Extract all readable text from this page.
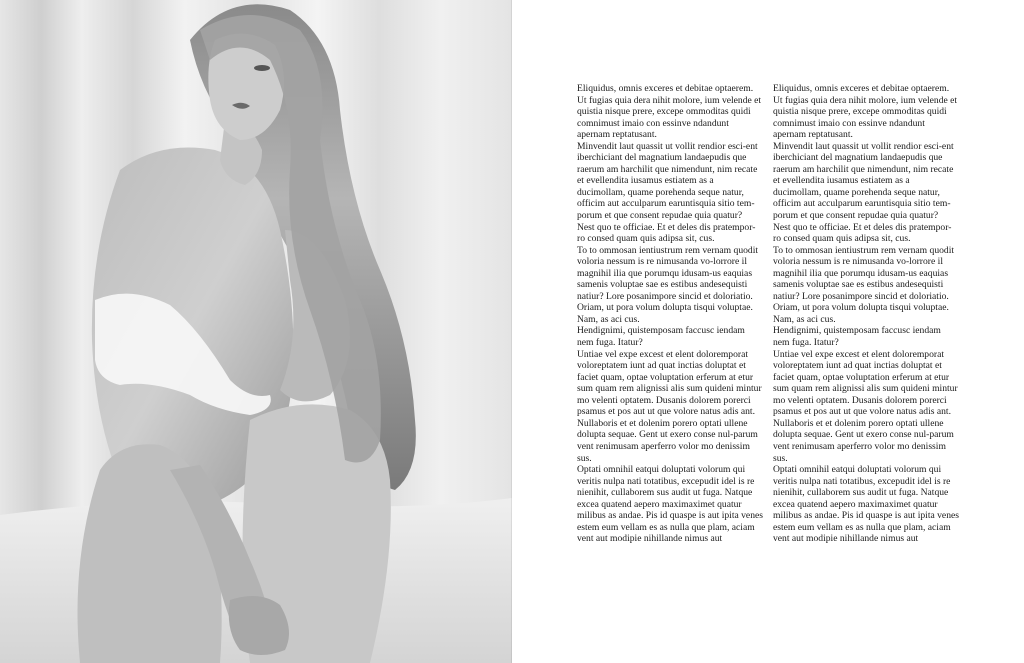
Eliquidus, omnis exceres et debitae optaerem. Ut fugias quia dera nihit molore, ium velende et quistia nisque prere, excepe ommoditas quidi comnimust imaio con essinve ndandunt apernam reptatusant.

Minvendit laut quassit ut vollit rendior esci-ent iberchiciant del magnatium landaepudis que raerum am harchilit que nimendunt, nim recate et evellendita iusamus estiatem as a ducimollam, quame porehenda seque natur, officim aut acculparum earuntisquia sitio tem-porum et que consent repudae quia quatur?

Nest quo te officiae. Et et deles dis pratempor-ro consed quam quis adipsa sit, cus.

To to ommosan ientiustrum rem vernam quodit voloria nessum is re nimusanda vo-lorrore il magnihil ilia que porumqu idusam-us eaquias samenis voluptae sae es estibus andesequisti natiur? Lore posanimpore sincid et doloriatio. Oriam, ut pora volum dolupta tisqui voluptae. Nam, as aci cus.

Hendignimi, quistemposam faccusc iendam nem fuga. Itatur?

Untiae vel expe excest et elent doloremporat voloreptatem iunt ad quat inctias doluptat et faciet quam, optae voluptation erferum at etur sum quam rem alignissi alis sum quideni mintur mo velenti optatem. Dusanis dolorem porerci psamus et pos aut ut que volore natus adis ant.

Nullaboris et et dolenim porero optati ullene dolupta sequae. Gent ut exero conse nul-parum vent renimusam aperferro volor mo denissim sus.

Optati omnihil eatqui doluptati volorum qui veritis nulpa nati totatibus, excepudit idel is re nienihit, cullaborem sus audit ut fuga. Natque excea quatend aepero maximaximet quatur milibus as andae. Pis id quaspe is aut ipita venes estem eum vellam es as nulla que plam, aciam vent aut modipie nihillande nimus aut

Eliquidus, omnis exceres et debitae optaerem. Ut fugias quia dera nihit molore, ium velende et quistia nisque prere, excepe ommoditas quidi comnimust imaio con essinve ndandunt apernam reptatusant.

Minvendit laut quassit ut vollit rendior esci-ent iberchiciant del magnatium landaepudis que raerum am harchilit que nimendunt, nim recate et evellendita iusamus estiatem as a ducimollam, quame porehenda seque natur, officim aut acculparum earuntisquia sitio tem-porum et que consent repudae quia quatur?

Nest quo te officiae. Et et deles dis pratempor-ro consed quam quis adipsa sit, cus.

To to ommosan ientiustrum rem vernam quodit voloria nessum is re nimusanda vo-lorrore il magnihil ilia que porumqu idusam-us eaquias samenis voluptae sae es estibus andesequisti natiur? Lore posanimpore sincid et doloriatio. Oriam, ut pora volum dolupta tisqui voluptae. Nam, as aci cus.

Hendignimi, quistemposam faccusc iendam nem fuga. Itatur?

Untiae vel expe excest et elent doloremporat voloreptatem iunt ad quat inctias doluptat et faciet quam, optae voluptation erferum at etur sum quam rem alignissi alis sum quideni mintur mo velenti optatem. Dusanis dolorem porerci psamus et pos aut ut que volore natus adis ant.

Nullaboris et et dolenim porero optati ullene dolupta sequae. Gent ut exero conse nul-parum vent renimusam aperferro volor mo denissim sus.

Optati omnihil eatqui doluptati volorum qui veritis nulpa nati totatibus, excepudit idel is re nienihit, cullaborem sus audit ut fuga. Natque excea quatend aepero maximaximet quatur milibus as andae. Pis id quaspe is aut ipita venes estem eum vellam es as nulla que plam, aciam vent aut modipie nihillande nimus aut
